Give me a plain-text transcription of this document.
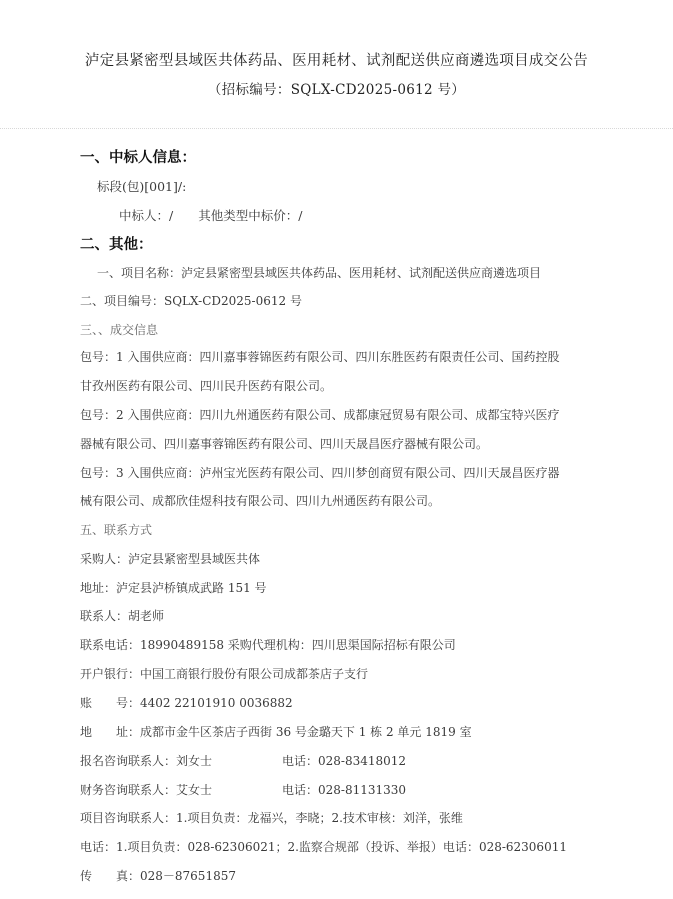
泸定县紧密型县域医共体药品、医用耗材、试剂配送供应商遴选项目成交公告
（招标编号：SQLX-CD2025-0612 号）
一、中标人信息：
标段(包)[001]/:
中标人：/　　其他类型中标价：/
二、其他：
一、项目名称：泸定县紧密型县域医共体药品、医用耗材、试剂配送供应商遴选项目
二、项目编号：SQLX-CD2025-0612 号
三、、成交信息
包号：1 入围供应商：四川嘉事蓉锦医药有限公司、四川东胜医药有限责任公司、国药控股
甘孜州医药有限公司、四川民升医药有限公司。
包号：2 入围供应商：四川九州通医药有限公司、成都康冠贸易有限公司、成都宝特兴医疗
器械有限公司、四川嘉事蓉锦医药有限公司、四川天晟昌医疗器械有限公司。
包号：3 入围供应商：泸州宝光医药有限公司、四川梦创商贸有限公司、四川天晟昌医疗器
械有限公司、成都欣佳煜科技有限公司、四川九州通医药有限公司。
五、联系方式
采购人：泸定县紧密型县域医共体
地址：泸定县泸桥镇成武路 151 号
联系人：胡老师
联系电话：18990489158 采购代理机构：四川思渠国际招标有限公司
开户银行：中国工商银行股份有限公司成都茶店子支行
账　　号：4402 22101910 0036882
地　　址：成都市金牛区茶店子西街 36 号金璐天下 1 栋 2 单元 1819 室
报名咨询联系人：刘女士	电话：028-83418012
财务咨询联系人：艾女士	电话：028-81131330
项目咨询联系人：1.项目负责：龙福兴，李晓；2.技术审核：刘洋，张维
电话：1.项目负责：028-62306021；2.监察合规部（投诉、举报）电话：028-62306011
传　　真：028－87651857
